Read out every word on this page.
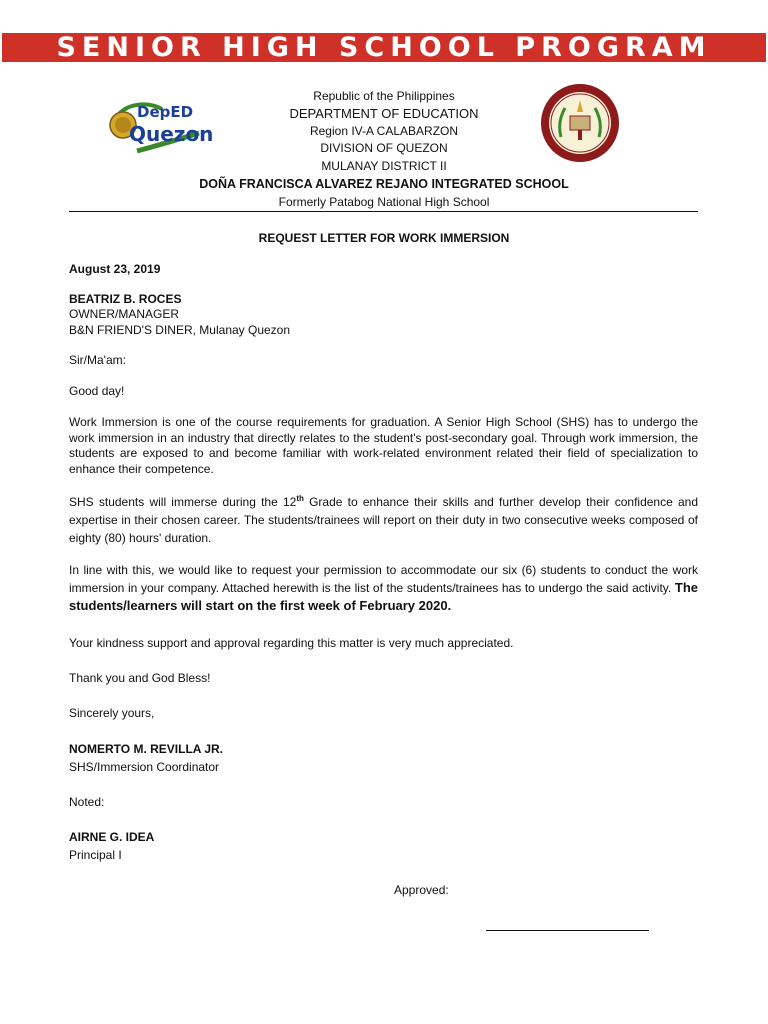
SENIOR HIGH SCHOOL PROGRAM
DepED
Quezon
Republic of the Philippines
DEPARTMENT OF EDUCATION
Region IV-A CALABARZON
DIVISION OF QUEZON
MULANAY DISTRICT II
DOÑA FRANCISCA ALVAREZ REJANO INTEGRATED SCHOOL
Formerly Patabog National High School
REQUEST LETTER FOR WORK IMMERSION
August 23, 2019
BEATRIZ B. ROCES
OWNER/MANAGER
B&N FRIEND'S DINER, Mulanay Quezon
Sir/Ma'am:
Good day!
Work Immersion is one of the course requirements for graduation. A Senior High School (SHS) has to undergo the work immersion in an industry that directly relates to the student's post-secondary goal. Through work immersion, the students are exposed to and become familiar with work-related environment related their field of specialization to enhance their competence.
SHS students will immerse during the 12th Grade to enhance their skills and further develop their confidence and expertise in their chosen career. The students/trainees will report on their duty in two consecutive weeks composed of eighty (80) hours' duration.
In line with this, we would like to request your permission to accommodate our six (6) students to conduct the work immersion in your company. Attached herewith is the list of the students/trainees has to undergo the said activity. The students/learners will start on the first week of February 2020.
Your kindness support and approval regarding this matter is very much appreciated.
Thank you and God Bless!
Sincerely yours,
NOMERTO M. REVILLA JR.
SHS/Immersion Coordinator
Noted:
AIRNE G. IDEA
Principal I
Approved:
